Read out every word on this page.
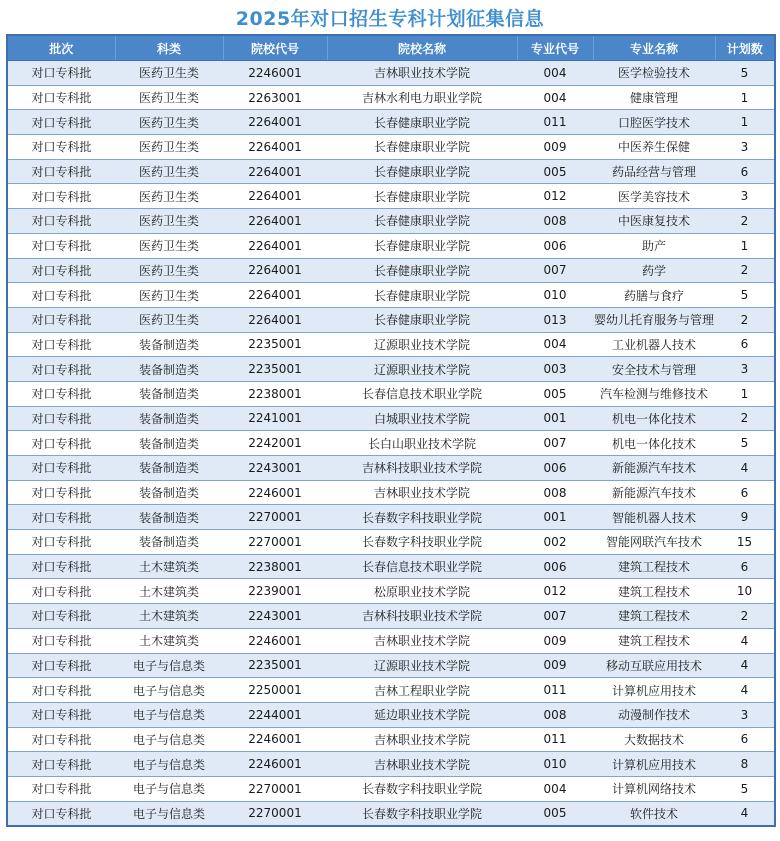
2025年对口招生专科计划征集信息
批次	科类	院校代号	院校名称	专业代号	专业名称	计划数
对口专科批	医药卫生类	2246001	吉林职业技术学院	004	医学检验技术	5
对口专科批	医药卫生类	2263001	吉林水利电力职业学院	004	健康管理	1
对口专科批	医药卫生类	2264001	长春健康职业学院	011	口腔医学技术	1
对口专科批	医药卫生类	2264001	长春健康职业学院	009	中医养生保健	3
对口专科批	医药卫生类	2264001	长春健康职业学院	005	药品经营与管理	6
对口专科批	医药卫生类	2264001	长春健康职业学院	012	医学美容技术	3
对口专科批	医药卫生类	2264001	长春健康职业学院	008	中医康复技术	2
对口专科批	医药卫生类	2264001	长春健康职业学院	006	助产	1
对口专科批	医药卫生类	2264001	长春健康职业学院	007	药学	2
对口专科批	医药卫生类	2264001	长春健康职业学院	010	药膳与食疗	5
对口专科批	医药卫生类	2264001	长春健康职业学院	013	婴幼儿托育服务与管理	2
对口专科批	装备制造类	2235001	辽源职业技术学院	004	工业机器人技术	6
对口专科批	装备制造类	2235001	辽源职业技术学院	003	安全技术与管理	3
对口专科批	装备制造类	2238001	长春信息技术职业学院	005	汽车检测与维修技术	1
对口专科批	装备制造类	2241001	白城职业技术学院	001	机电一体化技术	2
对口专科批	装备制造类	2242001	长白山职业技术学院	007	机电一体化技术	5
对口专科批	装备制造类	2243001	吉林科技职业技术学院	006	新能源汽车技术	4
对口专科批	装备制造类	2246001	吉林职业技术学院	008	新能源汽车技术	6
对口专科批	装备制造类	2270001	长春数字科技职业学院	001	智能机器人技术	9
对口专科批	装备制造类	2270001	长春数字科技职业学院	002	智能网联汽车技术	15
对口专科批	土木建筑类	2238001	长春信息技术职业学院	006	建筑工程技术	6
对口专科批	土木建筑类	2239001	松原职业技术学院	012	建筑工程技术	10
对口专科批	土木建筑类	2243001	吉林科技职业技术学院	007	建筑工程技术	2
对口专科批	土木建筑类	2246001	吉林职业技术学院	009	建筑工程技术	4
对口专科批	电子与信息类	2235001	辽源职业技术学院	009	移动互联应用技术	4
对口专科批	电子与信息类	2250001	吉林工程职业学院	011	计算机应用技术	4
对口专科批	电子与信息类	2244001	延边职业技术学院	008	动漫制作技术	3
对口专科批	电子与信息类	2246001	吉林职业技术学院	011	大数据技术	6
对口专科批	电子与信息类	2246001	吉林职业技术学院	010	计算机应用技术	8
对口专科批	电子与信息类	2270001	长春数字科技职业学院	004	计算机网络技术	5
对口专科批	电子与信息类	2270001	长春数字科技职业学院	005	软件技术	4
